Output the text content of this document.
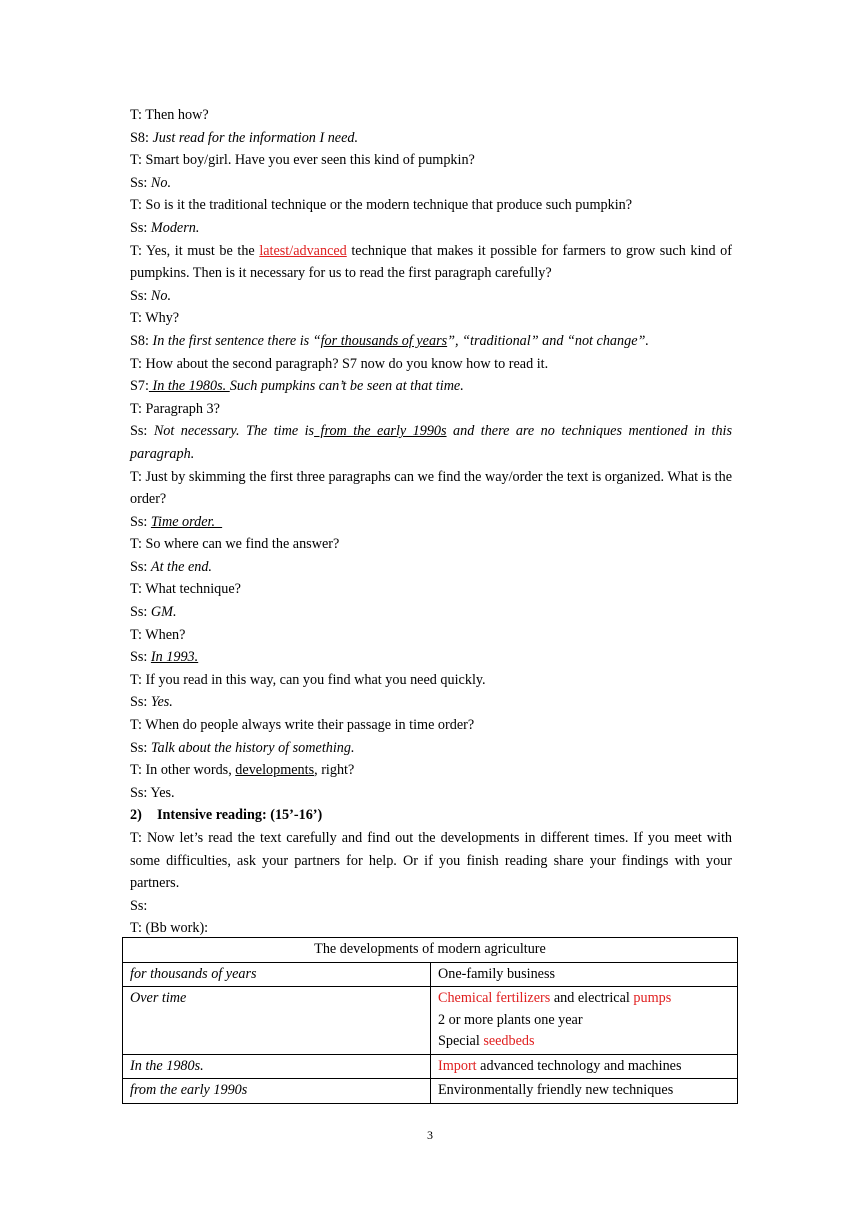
T: Then how?
S8: Just read for the information I need.
T: Smart boy/girl. Have you ever seen this kind of pumpkin?
Ss: No.
T: So is it the traditional technique or the modern technique that produce such pumpkin?
Ss: Modern.
T: Yes, it must be the latest/advanced technique that makes it possible for farmers to grow such kind of pumpkins. Then is it necessary for us to read the first paragraph carefully?
Ss: No.
T: Why?
S8: In the first sentence there is “for thousands of years”, “traditional” and “not change”.
T: How about the second paragraph? S7 now do you know how to read it.
S7: In the 1980s. Such pumpkins can’t be seen at that time.
T: Paragraph 3?
Ss: Not necessary. The time is from the early 1990s and there are no techniques mentioned in this paragraph.
T: Just by skimming the first three paragraphs can we find the way/order the text is organized. What is the order?
Ss: Time order.
T: So where can we find the answer?
Ss: At the end.
T: What technique?
Ss: GM.
T: When?
Ss: In 1993.
T: If you read in this way, can you find what you need quickly.
Ss: Yes.
T: When do people always write their passage in time order?
Ss: Talk about the history of something.
T: In other words, developments, right?
Ss: Yes.
2) Intensive reading: (15’-16’)
T: Now let’s read the text carefully and find out the developments in different times. If you meet with some difficulties, ask your partners for help. Or if you finish reading share your findings with your partners.
Ss:
T: (Bb work):
The developments of modern agriculture	
for thousands of years	One-family business
Over time	Chemical fertilizers and electrical pumps
2 or more plants one year
Special seedbeds

In the 1980s.	Import advanced technology and machines
from the early 1990s	Environmentally friendly new techniques
3
